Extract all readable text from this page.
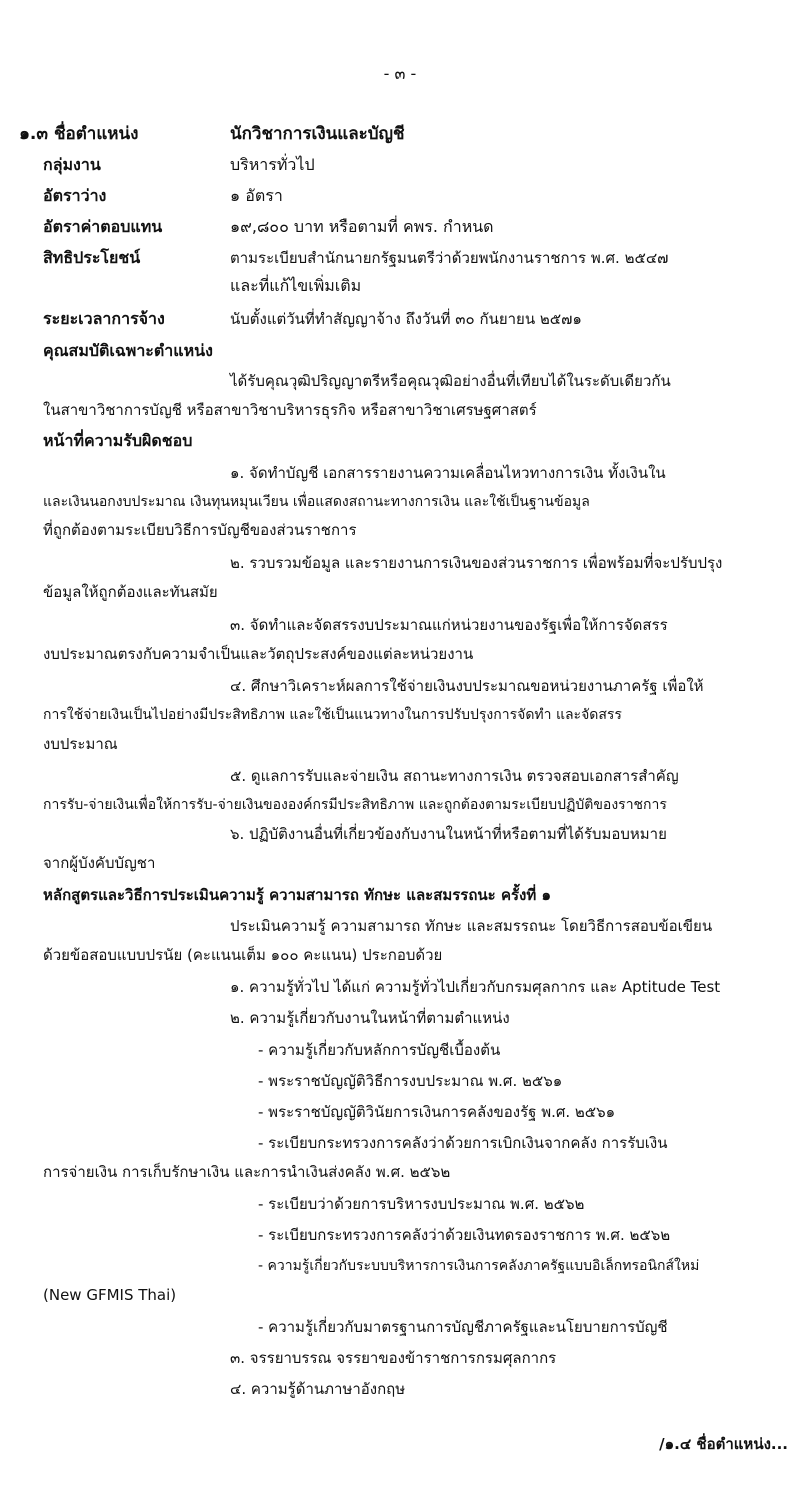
- ๓ -
๑.๓ ชื่อตำแหน่ง	นักวิชาการเงินและบัญชี
กลุ่มงาน	บริหารทั่วไป
อัตราว่าง	๑ อัตรา
อัตราค่าตอบแทน	๑๙,๘๐๐ บาท หรือตามที่ คพร. กำหนด
สิทธิประโยชน์	ตามระเบียบสำนักนายกรัฐมนตรีว่าด้วยพนักงานราชการ พ.ศ. ๒๕๔๗
และที่แก้ไขเพิ่มเติม
ระยะเวลาการจ้าง	นับตั้งแต่วันที่ทำสัญญาจ้าง ถึงวันที่ ๓๐ กันยายน ๒๕๗๑
คุณสมบัติเฉพาะตำแหน่ง
ได้รับคุณวุฒิปริญญาตรีหรือคุณวุฒิอย่างอื่นที่เทียบได้ในระดับเดียวกัน
ในสาขาวิชาการบัญชี หรือสาขาวิชาบริหารธุรกิจ หรือสาขาวิชาเศรษฐศาสตร์
หน้าที่ความรับผิดชอบ
๑. จัดทำบัญชี เอกสารรายงานความเคลื่อนไหวทางการเงิน ทั้งเงินใน
และเงินนอกงบประมาณ เงินทุนหมุนเวียน เพื่อแสดงสถานะทางการเงิน และใช้เป็นฐานข้อมูล
ที่ถูกต้องตามระเบียบวิธีการบัญชีของส่วนราชการ
๒. รวบรวมข้อมูล และรายงานการเงินของส่วนราชการ เพื่อพร้อมที่จะปรับปรุง
ข้อมูลให้ถูกต้องและทันสมัย
๓. จัดทำและจัดสรรงบประมาณแก่หน่วยงานของรัฐเพื่อให้การจัดสรร
งบประมาณตรงกับความจำเป็นและวัตถุประสงค์ของแต่ละหน่วยงาน
๔. ศึกษาวิเคราะห์ผลการใช้จ่ายเงินงบประมาณขอหน่วยงานภาครัฐ เพื่อให้
การใช้จ่ายเงินเป็นไปอย่างมีประสิทธิภาพ และใช้เป็นแนวทางในการปรับปรุงการจัดทำ และจัดสรร
งบประมาณ
๕. ดูแลการรับและจ่ายเงิน สถานะทางการเงิน ตรวจสอบเอกสารสำคัญ
การรับ-จ่ายเงินเพื่อให้การรับ-จ่ายเงินขององค์กรมีประสิทธิภาพ และถูกต้องตามระเบียบปฏิบัติของราชการ
๖. ปฏิบัติงานอื่นที่เกี่ยวข้องกับงานในหน้าที่หรือตามที่ได้รับมอบหมาย
จากผู้บังคับบัญชา
หลักสูตรและวิธีการประเมินความรู้ ความสามารถ ทักษะ และสมรรถนะ ครั้งที่ ๑
ประเมินความรู้ ความสามารถ ทักษะ และสมรรถนะ โดยวิธีการสอบข้อเขียน
ด้วยข้อสอบแบบปรนัย (คะแนนเต็ม ๑๐๐ คะแนน) ประกอบด้วย
๑. ความรู้ทั่วไป ได้แก่ ความรู้ทั่วไปเกี่ยวกับกรมศุลกากร และ Aptitude Test
๒. ความรู้เกี่ยวกับงานในหน้าที่ตามตำแหน่ง
- ความรู้เกี่ยวกับหลักการบัญชีเบื้องต้น
- พระราชบัญญัติวิธีการงบประมาณ พ.ศ. ๒๕๖๑
- พระราชบัญญัติวินัยการเงินการคลังของรัฐ พ.ศ. ๒๕๖๑
- ระเบียบกระทรวงการคลังว่าด้วยการเบิกเงินจากคลัง การรับเงิน
การจ่ายเงิน การเก็บรักษาเงิน และการนำเงินส่งคลัง พ.ศ. ๒๕๖๒
- ระเบียบว่าด้วยการบริหารงบประมาณ พ.ศ. ๒๕๖๒
- ระเบียบกระทรวงการคลังว่าด้วยเงินทดรองราชการ พ.ศ. ๒๕๖๒
- ความรู้เกี่ยวกับระบบบริหารการเงินการคลังภาครัฐแบบอิเล็กทรอนิกส์ใหม่
(New GFMIS Thai)
- ความรู้เกี่ยวกับมาตรฐานการบัญชีภาครัฐและนโยบายการบัญชี
๓. จรรยาบรรณ จรรยาของข้าราชการกรมศุลกากร
๔. ความรู้ด้านภาษาอังกฤษ
/๑.๔ ชื่อตำแหน่ง...
